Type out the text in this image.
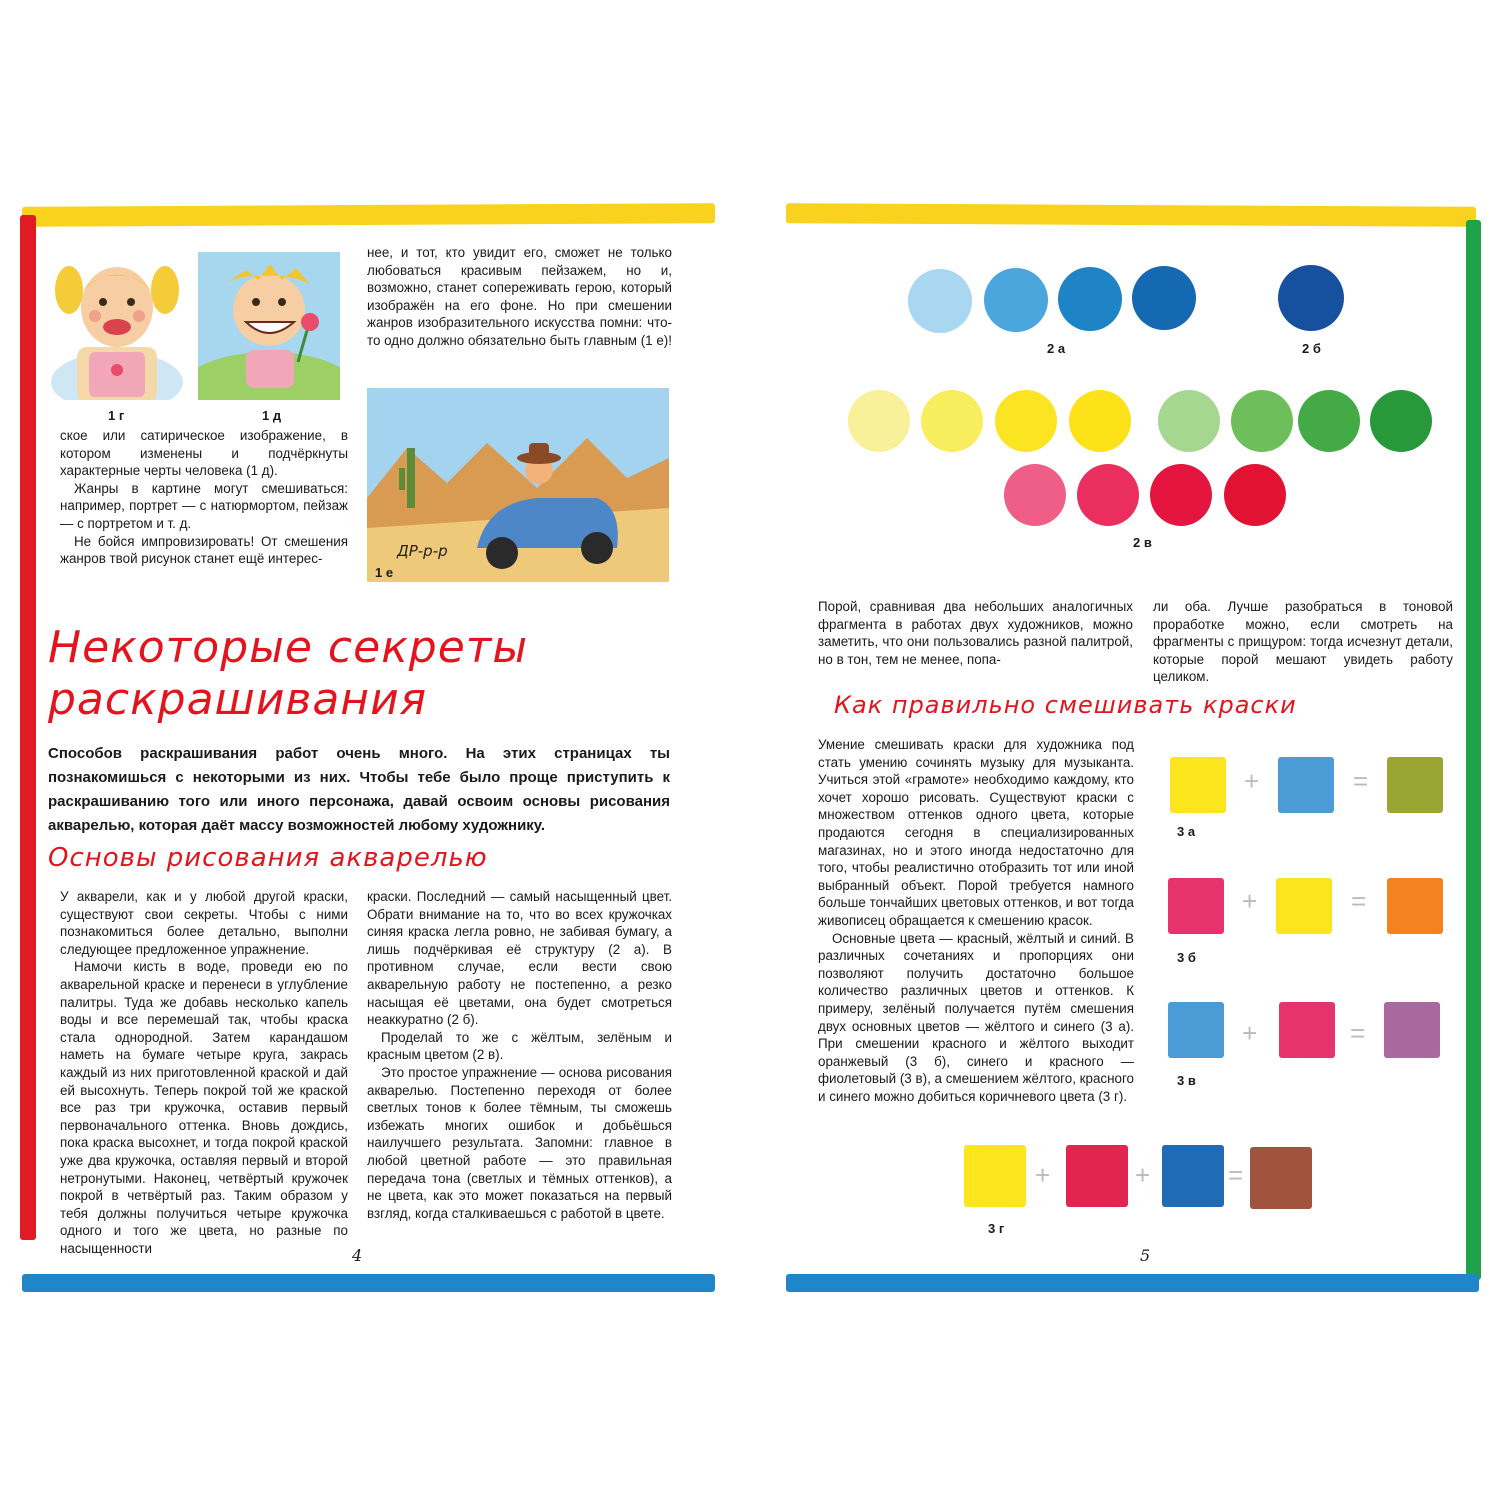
1 г	1 д

нее, и тот, кто увидит его, сможет не только любоваться красивым пейзажем, но и, возможно, станет сопереживать герою, который изображён на его фоне. Но при смешении жанров изобразительного искусства помни: что-то одно должно обязательно быть главным (1 е)!

ДР-р-р
1 е

ское или сатирическое изображение, в котором изменены и подчёркнуты характерные черты человека (1 д).

Жанры в картине могут смешиваться: например, портрет — с натюрмортом, пейзаж — с портретом и т. д.

Не бойся импровизировать! От смешения жанров твой рисунок станет ещё интерес-

Некоторые секреты
раскрашивания
Способов раскрашивания работ очень много. На этих страницах ты познакомишься с некоторыми из них. Чтобы тебе было проще приступить к раскрашиванию того или иного персонажа, давай освоим основы рисования акварелью, которая даёт массу возможностей любому художнику.
Основы рисования акварелью

У акварели, как и у любой другой краски, существуют свои секреты. Чтобы с ними познакомиться более детально, выполни следующее предложенное упражнение.

Намочи кисть в воде, проведи ею по акварельной краске и перенеси в углубление палитры. Туда же добавь несколько капель воды и все перемешай так, чтобы краска стала однородной. Затем карандашом наметь на бумаге четыре круга, закрась каждый из них приготовленной краской и дай ей высохнуть. Теперь покрой той же краской все раз три кружочка, оставив первый первоначального оттенка. Вновь дождись, пока краска высохнет, и тогда покрой краской уже два кружочка, оставляя первый и второй нетронутыми. Наконец, четвёртый кружочек покрой в четвёртый раз. Таким образом у тебя должны получиться четыре кружочка одного и того же цвета, но разные по насыщенности

краски. Последний — самый насыщенный цвет. Обрати внимание на то, что во всех кружочках синяя краска легла ровно, не забивая бумагу, а лишь подчёркивая её структуру (2 а). В противном случае, если вести свою акварельную работу не постепенно, а резко насыщая её цветами, она будет смотреться неаккуратно (2 б).

Проделай то же с жёлтым, зелёным и красным цветом (2 в).

Это простое упражнение — основа рисования акварелью. Постепенно переходя от более светлых тонов к более тёмным, ты сможешь избежать многих ошибок и добьёшься наилучшего результата. Запомни: главное в любой цветной работе — это правильная передача тона (светлых и тёмных оттенков), а не цвета, как это может показаться на первый взгляд, когда сталкиваешься с работой в цвете.

4
2 а	2 б
2 в

Порой, сравнивая два небольших аналогичных фрагмента в работах двух художников, можно заметить, что они пользовались разной палитрой, но в тон, тем не менее, попа-

ли оба. Лучше разобраться в тоновой проработке можно, если смотреть на фрагменты с прищуром: тогда исчезнут детали, которые порой мешают увидеть работу целиком.

Как правильно смешивать краски

Умение смешивать краски для художника под стать умению сочинять музыку для музыканта. Учиться этой «грамоте» необходимо каждому, кто хочет хорошо рисовать. Существуют краски с множеством оттенков одного цвета, которые продаются сегодня в специализированных магазинах, но и этого иногда недостаточно для того, чтобы реалистично отобразить тот или иной выбранный объект. Порой требуется намного больше тончайших цветовых оттенков, и вот тогда живописец обращается к смешению красок.

Основные цвета — красный, жёлтый и синий. В различных сочетаниях и пропорциях они позволяют получить достаточно большое количество различных цветов и оттенков. К примеру, зелёный получается путём смешения двух основных цветов — жёлтого и синего (3 а). При смешении красного и жёлтого выходит оранжевый (3 б), синего и красного — фиолетовый (3 в), а смешением жёлтого, красного и синего можно добиться коричневого цвета (3 г).

+	=
3 а
+	=
3 б
+	=
3 в
+	+	=
3 г
5
